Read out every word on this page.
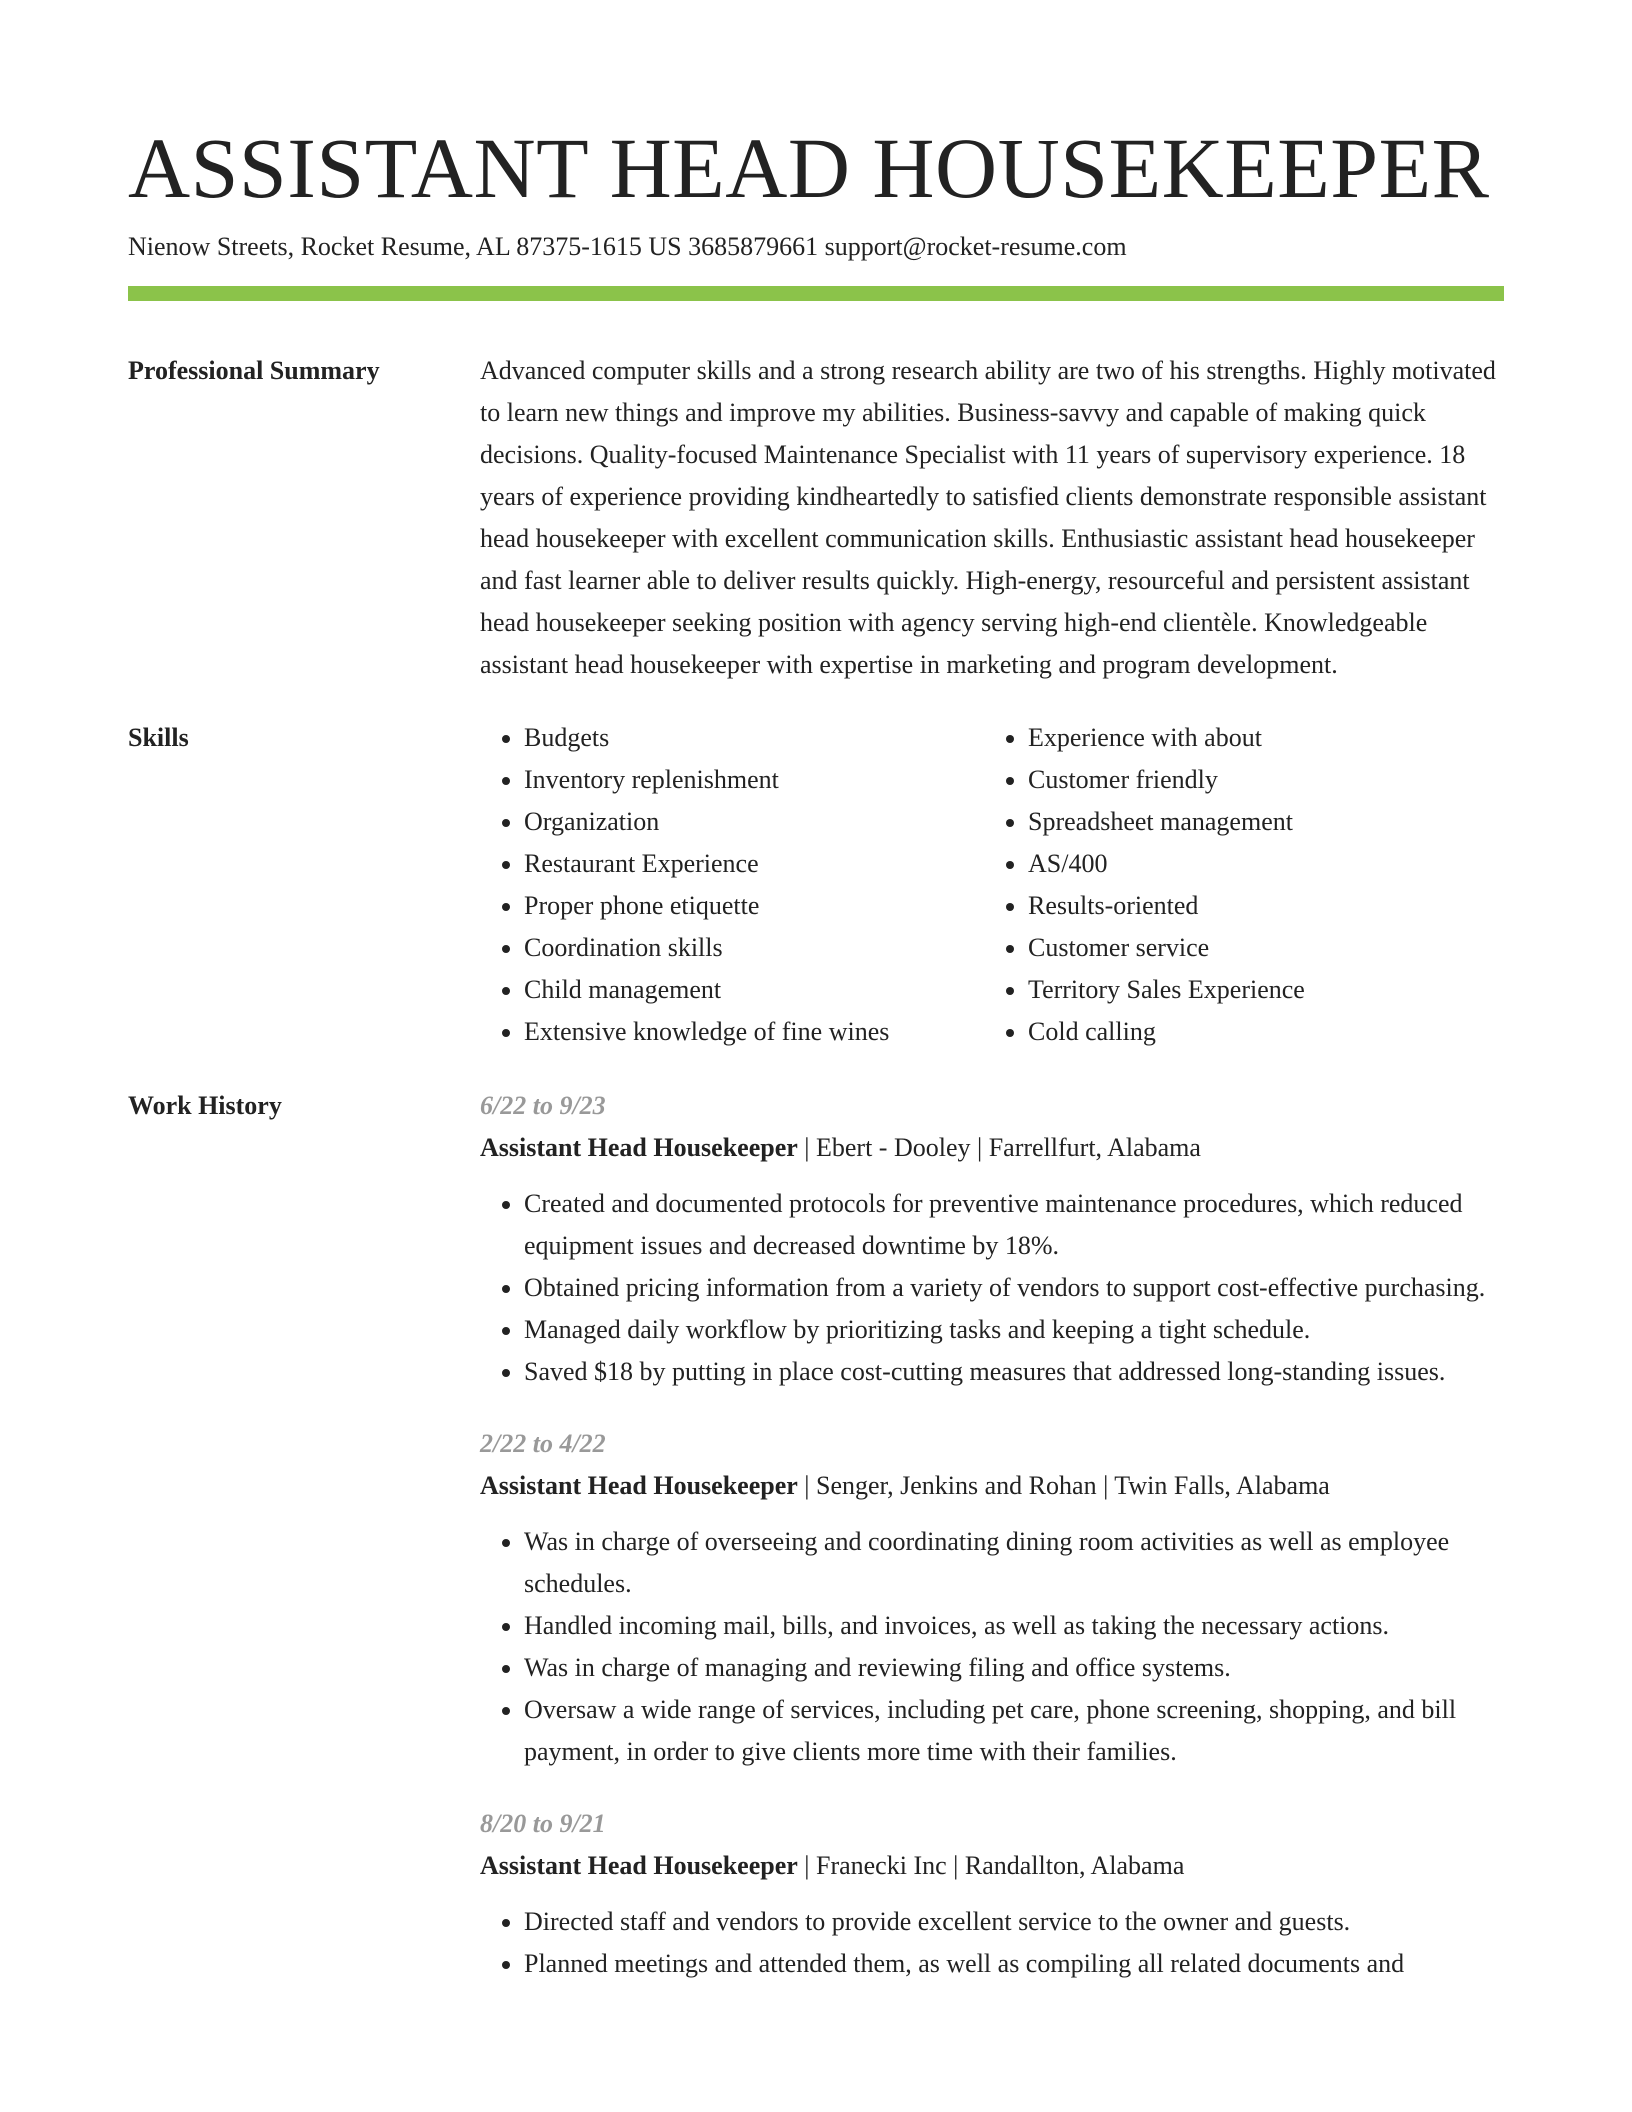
ASSISTANT HEAD HOUSEKEEPER
Nienow Streets, Rocket Resume, AL 87375-1615 US 3685879661 support@rocket-resume.com
Professional Summary	Advanced computer skills and a strong research ability are two of his strengths. Highly motivated to learn new things and improve my abilities. Business-savvy and capable of making quick decisions. Quality-focused Maintenance Specialist with 11 years of supervisory experience. 18 years of experience providing kindheartedly to satisfied clients demonstrate responsible assistant head housekeeper with excellent communication skills. Enthusiastic assistant head housekeeper and fast learner able to deliver results quickly. High-energy, resourceful and persistent assistant head housekeeper seeking position with agency serving high-end clientèle. Knowledgeable assistant head housekeeper with expertise in marketing and program development.
Skills
•	Budgets
• Inventory replenishment
• Organization
• Restaurant Experience
• Proper phone etiquette
• Coordination skills
• Child management
• Extensive knowledge of fine wines
• Experience with about
• Customer friendly
• Spreadsheet management
• AS/400
• Results-oriented
• Customer service
• Territory Sales Experience
• Cold calling
Work History	6/22 to 9/23
Assistant Head Housekeeper | Ebert - Dooley | Farrellfurt, Alabama
• Created and documented protocols for preventive maintenance procedures, which reduced equipment issues and decreased downtime by 18%.
• Obtained pricing information from a variety of vendors to support cost-effective purchasing.
• Managed daily workflow by prioritizing tasks and keeping a tight schedule.
• Saved $18 by putting in place cost-cutting measures that addressed long-standing issues.
2/22 to 4/22
Assistant Head Housekeeper | Senger, Jenkins and Rohan | Twin Falls, Alabama
• Was in charge of overseeing and coordinating dining room activities as well as employee schedules.
• Handled incoming mail, bills, and invoices, as well as taking the necessary actions.
• Was in charge of managing and reviewing filing and office systems.
• Oversaw a wide range of services, including pet care, phone screening, shopping, and bill payment, in order to give clients more time with their families.
8/20 to 9/21
Assistant Head Housekeeper | Franecki Inc | Randallton, Alabama
• Directed staff and vendors to provide excellent service to the owner and guests.
• Planned meetings and attended them, as well as compiling all related documents and
